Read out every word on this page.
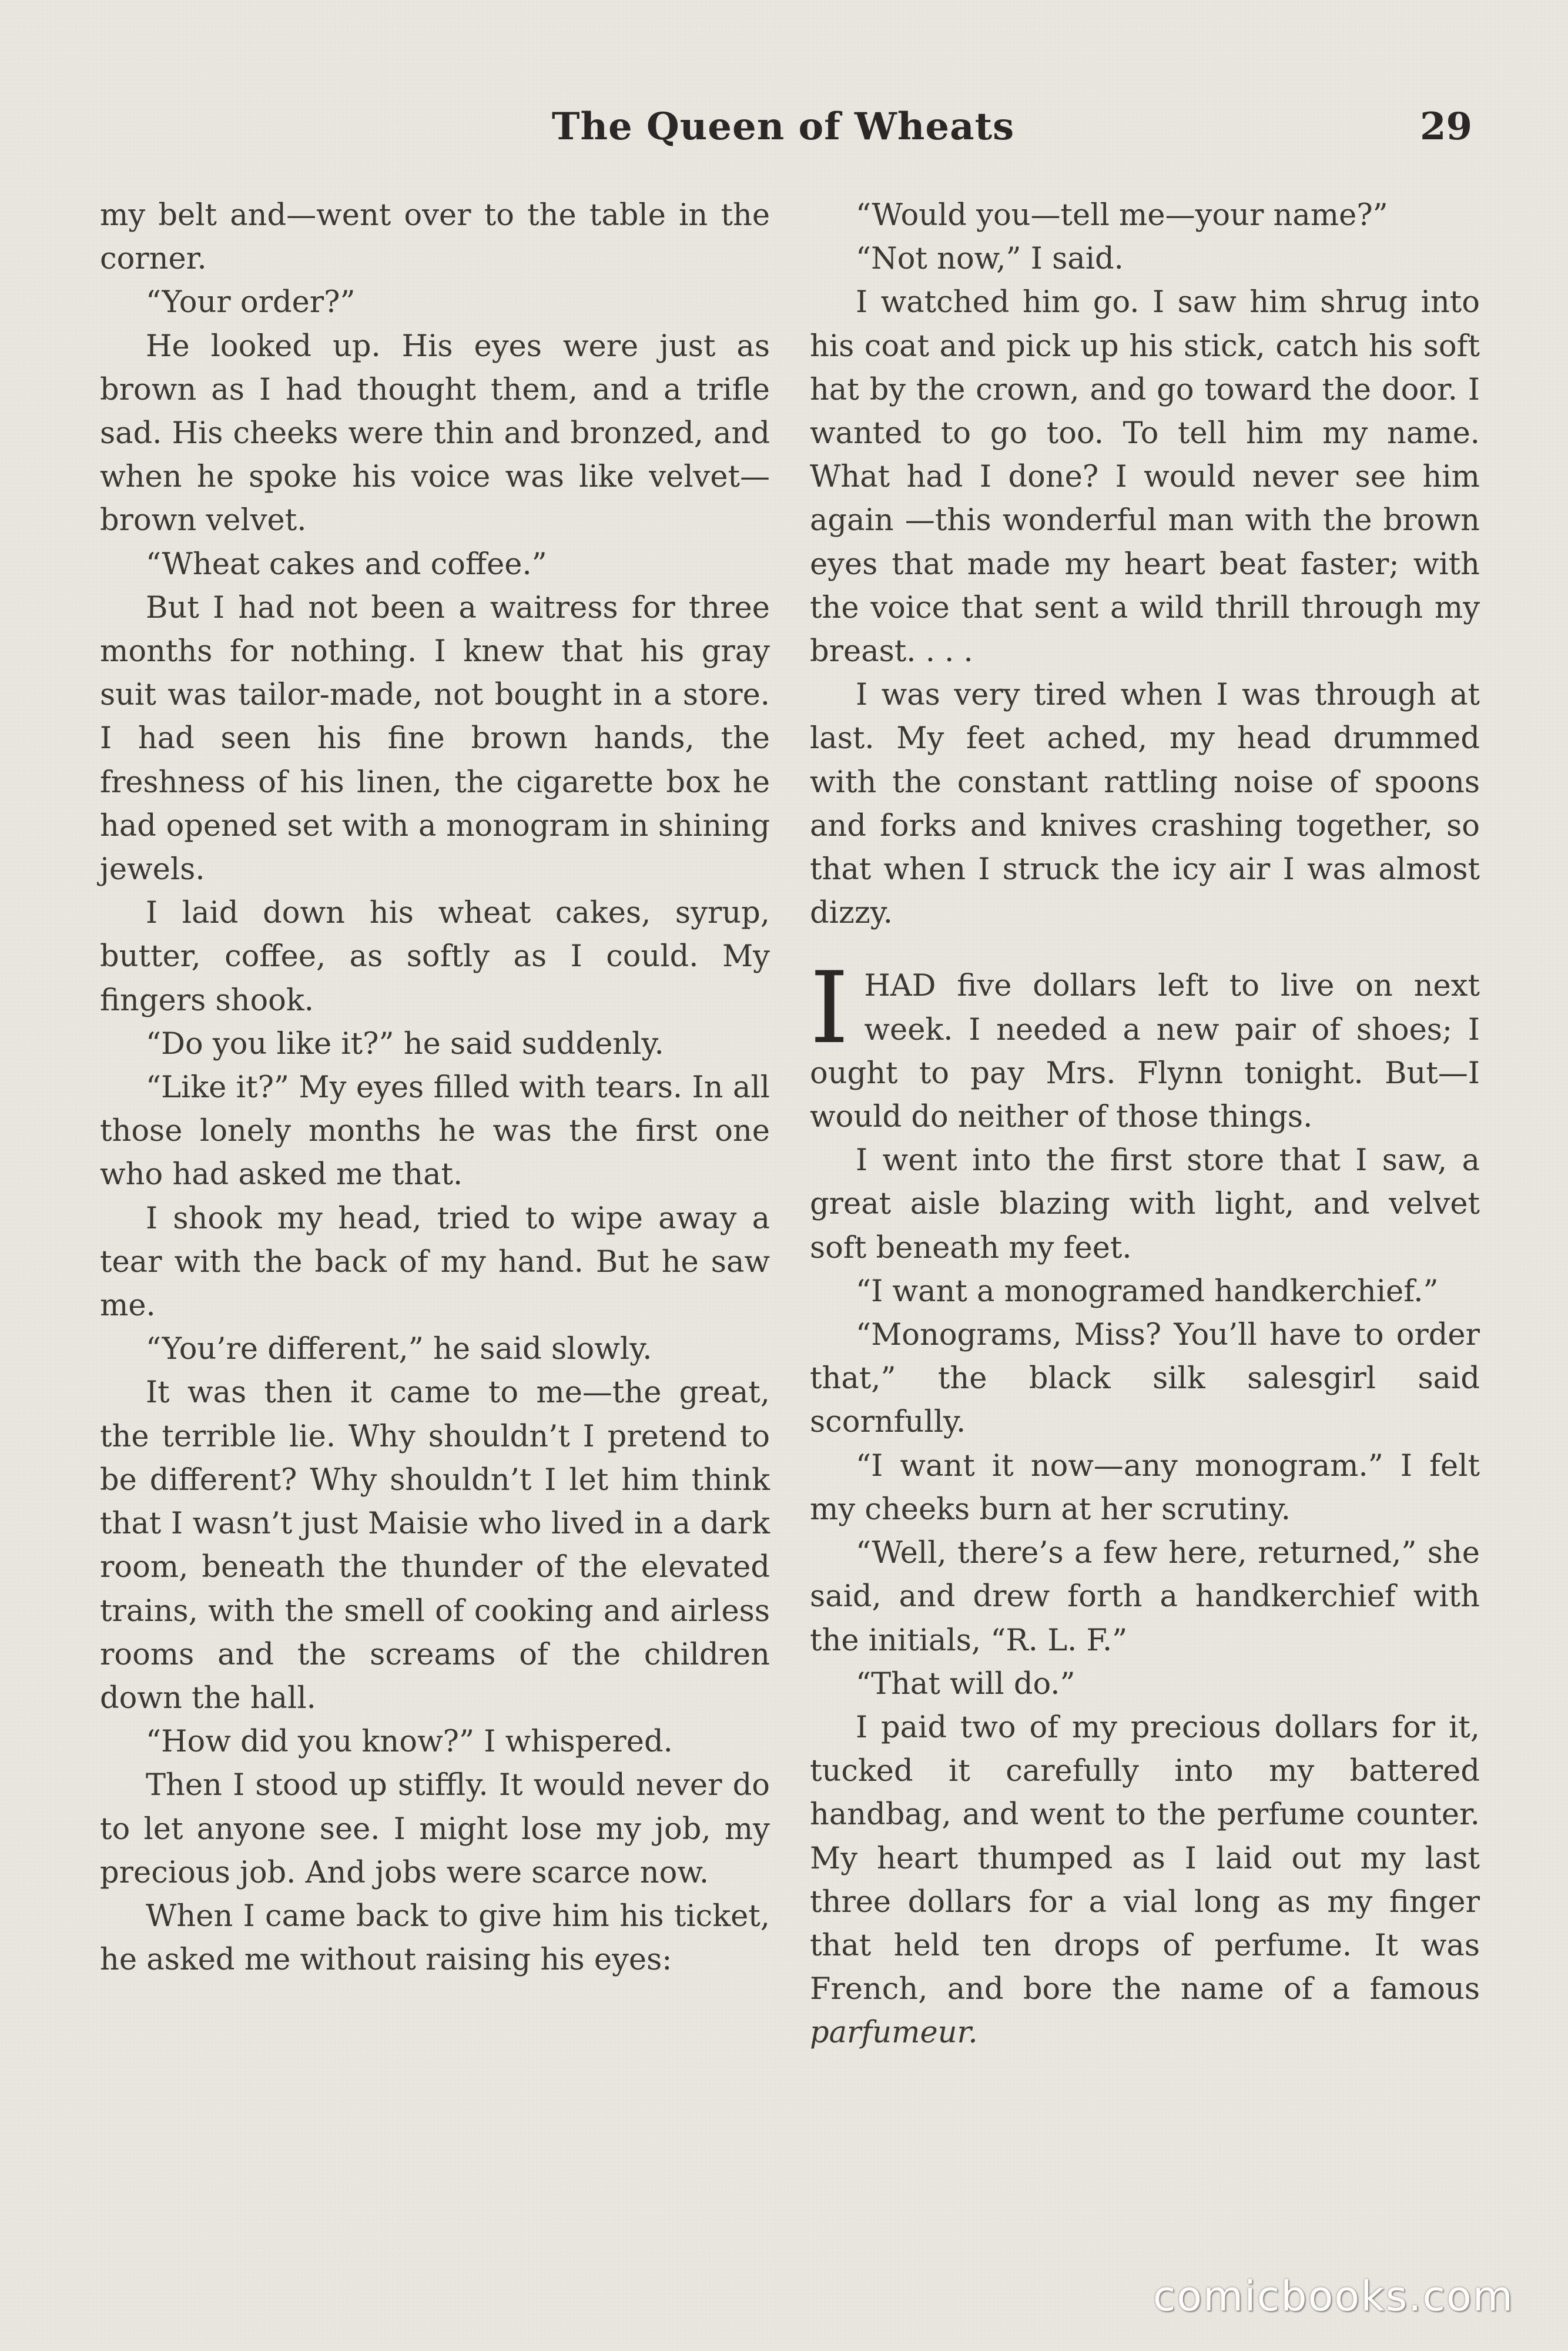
The Queen of Wheats	29

my belt and—went over to the table in the corner.

“Your order?”

He looked up. His eyes were just as brown as I had thought them, and a trifle sad. His cheeks were thin and bronzed, and when he spoke his voice was like velvet—brown velvet.

“Wheat cakes and coffee.”

But I had not been a waitress for three months for nothing. I knew that his gray suit was tailor-made, not bought in a store. I had seen his fine brown hands, the freshness of his linen, the cigarette box he had opened set with a monogram in shining jewels.

I laid down his wheat cakes, syrup, butter, coffee, as softly as I could. My fingers shook.

“Do you like it?” he said suddenly.

“Like it?” My eyes filled with tears. In all those lonely months he was the first one who had asked me that.

I shook my head, tried to wipe away a tear with the back of my hand. But he saw me.

“You’re different,” he said slowly.

It was then it came to me—the great, the terrible lie. Why shouldn’t I pretend to be different? Why shouldn’t I let him think that I wasn’t just Maisie who lived in a dark room, beneath the thunder of the elevated trains, with the smell of cooking and airless rooms and the screams of the children down the hall.

“How did you know?” I whispered.

Then I stood up stiffly. It would never do to let anyone see. I might lose my job, my precious job. And jobs were scarce now.

When I came back to give him his ticket, he asked me without raising his eyes:

“Would you—tell me—your name?”

“Not now,” I said.

I watched him go. I saw him shrug into his coat and pick up his stick, catch his soft hat by the crown, and go toward the door. I wanted to go too. To tell him my name. What had I done? I would never see him again —this wonderful man with the brown eyes that made my heart beat faster; with the voice that sent a wild thrill through my breast. . . .

I was very tired when I was through at last. My feet ached, my head drummed with the constant rattling noise of spoons and forks and knives crashing together, so that when I struck the icy air I was almost dizzy.

IHAD five dollars left to live on next week. I needed a new pair of shoes; I ought to pay Mrs. Flynn tonight. But—I would do neither of those things.

I went into the first store that I saw, a great aisle blazing with light, and velvet soft beneath my feet.

“I want a monogramed handkerchief.”

“Monograms, Miss? You’ll have to order that,” the black silk salesgirl said scornfully.

“I want it now—any monogram.” I felt my cheeks burn at her scrutiny.

“Well, there’s a few here, returned,” she said, and drew forth a handkerchief with the initials, “R. L. F.”

“That will do.”

I paid two of my precious dollars for it, tucked it carefully into my battered handbag, and went to the perfume counter. My heart thumped as I laid out my last three dollars for a vial long as my finger that held ten drops of perfume. It was French, and bore the name of a famous parfumeur.

comicbooks.com
